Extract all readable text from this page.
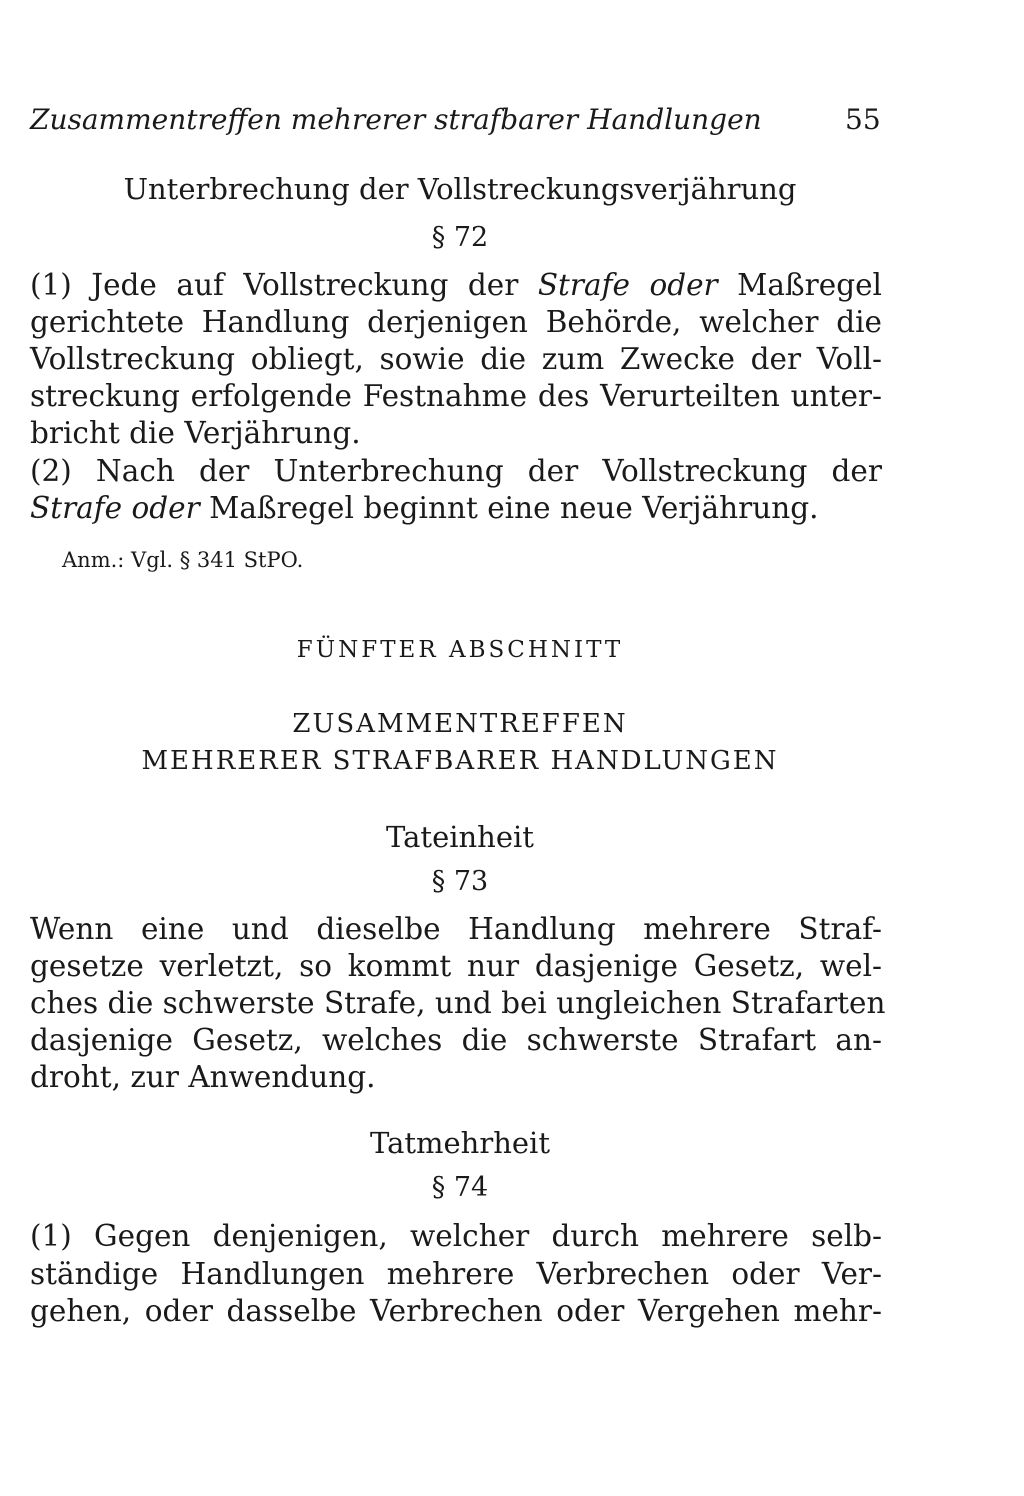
Zusammentreffen mehrerer strafbarer Handlungen	55
Unterbrechung der Vollstreckungsverjährung
§ 72
(1) Jede auf Vollstreckung der Strafe oder Maßregel
gerichtete Handlung derjenigen Behörde, welcher die
Vollstreckung obliegt, sowie die zum Zwecke der Voll-
streckung erfolgende Festnahme des Verurteilten unter-
bricht die Verjährung.
(2) Nach der Unterbrechung der Vollstreckung der
Strafe oder Maßregel beginnt eine neue Verjährung.
Anm.: Vgl. § 341 StPO.
FÜNFTER ABSCHNITT
ZUSAMMENTREFFEN
MEHRERER STRAFBARER HANDLUNGEN
Tateinheit
§ 73
Wenn eine und dieselbe Handlung mehrere Straf-
gesetze verletzt, so kommt nur dasjenige Gesetz, wel-
ches die schwerste Strafe, und bei ungleichen Strafarten
dasjenige Gesetz, welches die schwerste Strafart an-
droht, zur Anwendung.
Tatmehrheit
§ 74
(1) Gegen denjenigen, welcher durch mehrere selb-
ständige Handlungen mehrere Verbrechen oder Ver-
gehen, oder dasselbe Verbrechen oder Vergehen mehr-
